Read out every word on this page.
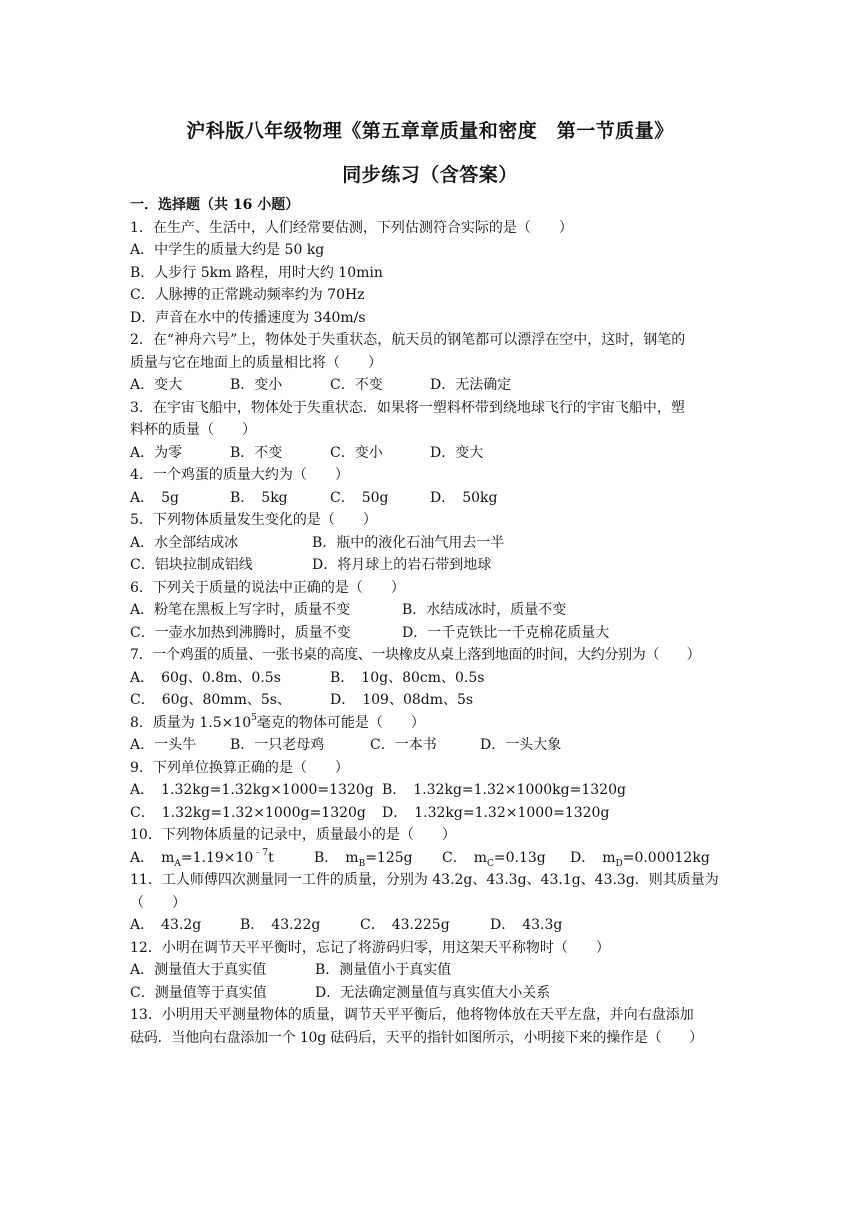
沪科版八年级物理《第五章章质量和密度　第一节质量》
同步练习（含答案）
一．选择题（共 16 小题）
1．在生产、生活中，人们经常要估测，下列估测符合实际的是（　　）
A．中学生的质量大约是 50 kg
B．人步行 5km 路程，用时大约 10min
C．人脉搏的正常跳动频率约为 70Hz
D．声音在水中的传播速度为 340m/s
2．在“神舟六号”上，物体处于失重状态，航天员的钢笔都可以漂浮在空中，这时，钢笔的
质量与它在地面上的质量相比将（　　）
A．变大	B．变小	C．不变	D．无法确定
3．在宇宙飞船中，物体处于失重状态．如果将一塑料杯带到绕地球飞行的宇宙飞船中，塑
料杯的质量（　　）
A．为零	B．不变	C．变小	D．变大
4．一个鸡蛋的质量大约为（　　）
A．　5g	B．　5kg	C．　50g	D．　50kg
5．下列物体质量发生变化的是（　　）
A．水全部结成冰	B．瓶中的液化石油气用去一半
C．铝块拉制成铝线	D．将月球上的岩石带到地球
6．下列关于质量的说法中正确的是（　　）
A．粉笔在黑板上写字时，质量不变	B．水结成冰时，质量不变
C．一壶水加热到沸腾时，质量不变	D．一千克铁比一千克棉花质量大
7．一个鸡蛋的质量、一张书桌的高度、一块橡皮从桌上落到地面的时间，大约分别为（　　）
A．　60g、0.8m、0.5s	B．　10g、80cm、0.5s
C．　60g、80mm、5s、	D．　109、08dm、5s
8．质量为 $1.5\times 10^5$毫克的物体可能是（　　）
A．一头牛	B．一只老母鸡	C．一本书	D．一头大象
9．下列单位换算正确的是（　　）
A．　1.32kg=1.32kg×1000=1320g B．　1.32kg=1.32×1000kg=1320g
C．　1.32kg=1.32×1000g=1320g	D．　1.32kg=1.32×1000=1320g
10．下列物体质量的记录中，质量最小的是（　　）
A．　$m_A=1.19\times 10^{﹣7}t$	B．　$m_B=125g$	C．　$m_C=0.13g$	D．　$m_D=0.00012kg$
11．工人师傅四次测量同一工件的质量，分别为 43.2g、43.3g、43.1g、43.3g．则其质量为
（　　）
A．　43.2g	B．　43.22g	C．　43.225g	D．　43.3g
12．小明在调节天平平衡时，忘记了将游码归零，用这架天平称物时（　　）
A．测量值大于真实值	B．测量值小于真实值
C．测量值等于真实值	D．无法确定测量值与真实值大小关系
13．小明用天平测量物体的质量，调节天平平衡后，他将物体放在天平左盘，并向右盘添加
砝码．当他向右盘添加一个 10g 砝码后，天平的指针如图所示，小明接下来的操作是（　　）
